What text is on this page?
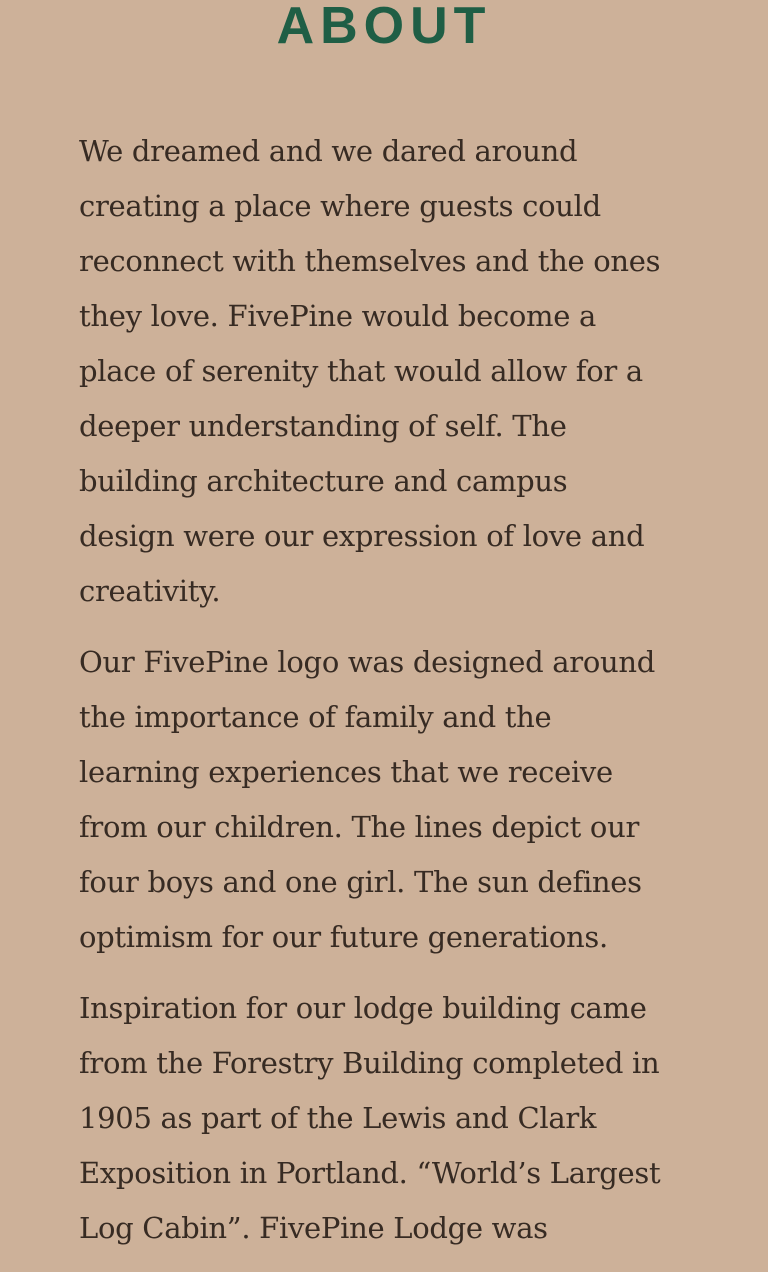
ABOUT

We dreamed and we dared around
creating a place where guests could
reconnect with themselves and the ones
they love. FivePine would become a
place of serenity that would allow for a
deeper understanding of self. The
building architecture and campus
design were our expression of love and
creativity.

Our FivePine logo was designed around
the importance of family and the
learning experiences that we receive
from our children. The lines depict our
four boys and one girl. The sun defines
optimism for our future generations.

Inspiration for our lodge building came
from the Forestry Building completed in
1905 as part of the Lewis and Clark
Exposition in Portland. “World’s Largest
Log Cabin”. FivePine Lodge was
